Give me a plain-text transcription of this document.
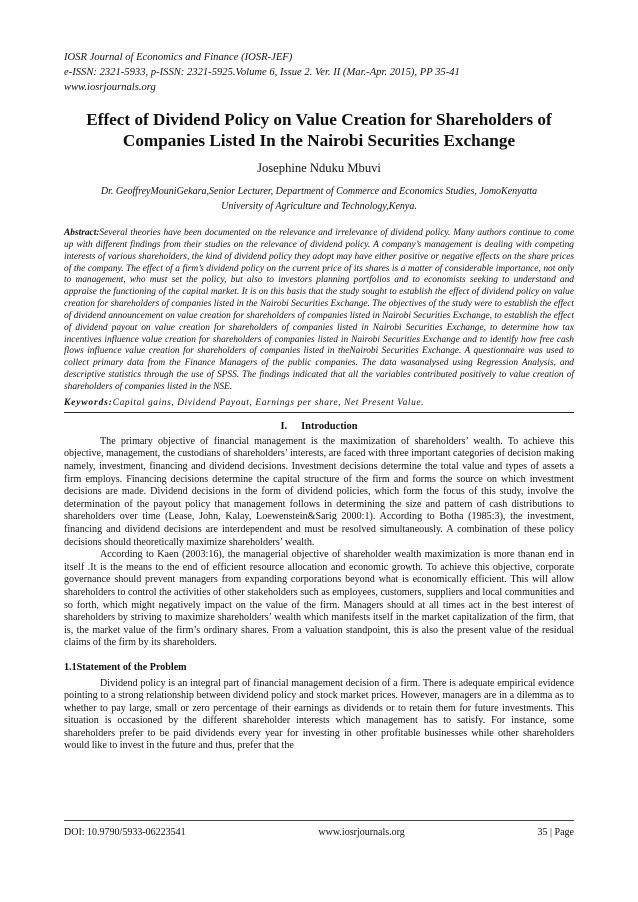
IOSR Journal of Economics and Finance (IOSR-JEF)
e-ISSN: 2321-5933, p-ISSN: 2321-5925.Volume 6, Issue 2. Ver. II (Mar.-Apr. 2015), PP 35-41
www.iosrjournals.org
Effect of Dividend Policy on Value Creation for Shareholders of Companies Listed In the Nairobi Securities Exchange
Josephine Nduku Mbuvi
Dr. GeoffreyMouniGekara,Senior Lecturer, Department of Commerce and Economics Studies, JomoKenyatta University of Agriculture and Technology,Kenya.
Abstract:Several theories have been documented on the relevance and irrelevance of dividend policy. Many authors continue to come up with different findings from their studies on the relevance of dividend policy. A company’s management is dealing with competing interests of various shareholders, the kind of dividend policy they adopt may have either positive or negative effects on the share prices of the company. The effect of a firm’s dividend policy on the current price of its shares is a matter of considerable importance, not only to management, who must set the policy, but also to investors planning portfolios and to economists seeking to understand and appraise the functioning of the capital market. It is on this basis that the study sought to establish the effect of dividend policy on value creation for shareholders of companies listed in the Nairobi Securities Exchange. The objectives of the study were to establish the effect of dividend announcement on value creation for shareholders of companies listed in Nairobi Securities Exchange, to establish the effect of dividend payout on value creation for shareholders of companies listed in Nairobi Securities Exchange, to determine how tax incentives influence value creation for shareholders of companies listed in Nairobi Securities Exchange and to identify how free cash flows influence value creation for shareholders of companies listed in theNairobi Securities Exchange. A questionnaire was used to collect primary data from the Finance Managers of the public companies. The data wasanalysed using Regression Analysis, and descriptive statistics through the use of SPSS. The findings indicated that all the variables contributed positively to value creation of shareholders of companies listed in the NSE.
Keywords:Capital gains, Dividend Payout, Earnings per share, Net Present Value.
I. Introduction

The primary objective of financial management is the maximization of shareholders’ wealth. To achieve this objective, management, the custodians of shareholders’ interests, are faced with three important categories of decision making namely, investment, financing and dividend decisions. Investment decisions determine the total value and types of assets a firm employs. Financing decisions determine the capital structure of the firm and forms the source on which investment decisions are made. Dividend decisions in the form of dividend policies, which form the focus of this study, involve the determination of the payout policy that management follows in determining the size and pattern of cash distributions to shareholders over time (Lease, John, Kalay, Loewenstein&Sarig 2000:1). According to Botha (1985:3), the investment, financing and dividend decisions are interdependent and must be resolved simultaneously. A combination of these policy decisions should theoretically maximize shareholders’ wealth.

According to Kaen (2003:16), the managerial objective of shareholder wealth maximization is more thanan end in itself .It is the means to the end of efficient resource allocation and economic growth. To achieve this objective, corporate governance should prevent managers from expanding corporations beyond what is economically efficient. This will allow shareholders to control the activities of other stakeholders such as employees, customers, suppliers and local communities and so forth, which might negatively impact on the value of the firm. Managers should at all times act in the best interest of shareholders by striving to maximize shareholders’ wealth which manifests itself in the market capitalization of the firm, that is, the market value of the firm’s ordinary shares. From a valuation standpoint, this is also the present value of the residual claims of the firm by its shareholders.

1.1Statement of the Problem

Dividend policy is an integral part of financial management decision of a firm. There is adequate empirical evidence pointing to a strong relationship between dividend policy and stock market prices. However, managers are in a dilemma as to whether to pay large, small or zero percentage of their earnings as dividends or to retain them for future investments. This situation is occasioned by the different shareholder interests which management has to satisfy. For instance, some shareholders prefer to be paid dividends every year for investing in other profitable businesses while other shareholders would like to invest in the future and thus, prefer that the

DOI: 10.9790/5933-06223541	www.iosrjournals.org	35 | Page
